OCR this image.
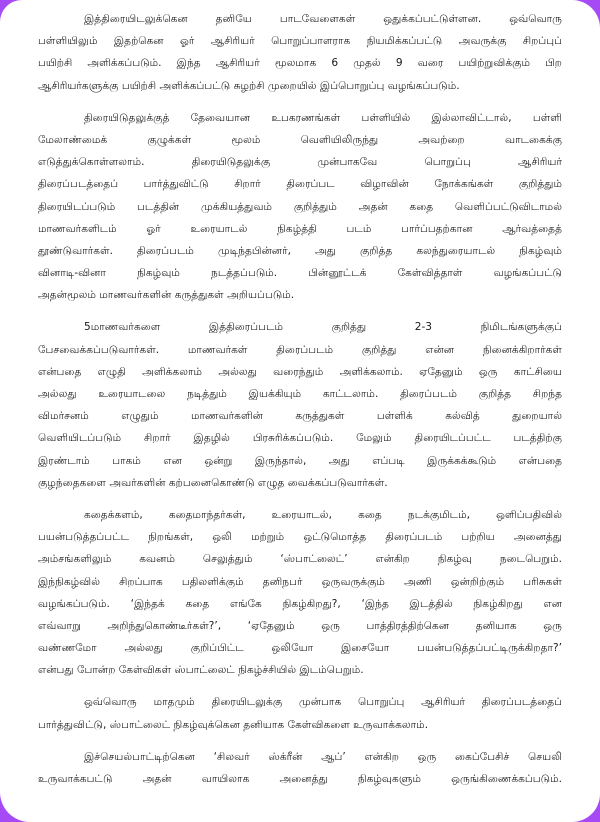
இத்திரையிடலுக்கென தனியே பாடவேளைகள் ஒதுக்கப்பட்டுள்ளன. ஒவ்வொரு
பள்ளியிலும் இதற்கென ஓர் ஆசிரியர் பொறுப்பாளராக நியமிக்கப்பட்டு அவருக்கு சிறப்புப்
பயிற்சி அளிக்கப்படும். இந்த ஆசிரியர் மூலமாக 6 முதல் 9 வரை பயிற்றுவிக்கும் பிற
ஆசிரியர்களுக்கு பயிற்சி அளிக்கப்பட்டு சுழற்சி முறையில் இப்பொறுப்பு வழங்கப்படும்.

திரையிடுதலுக்குத் தேவையான உபகரணங்கள் பள்ளியில் இல்லாவிட்டால், பள்ளி
மேலாண்மைக் குழுக்கள் மூலம் வெளியிலிருந்து அவற்றை வாடகைக்கு
எடுத்துக்கொள்ளலாம். திரையிடுதலுக்கு முன்பாகவே பொறுப்பு ஆசிரியர்
திரைப்படத்தைப் பார்த்துவிட்டு சிறார் திரைப்பட விழாவின் நோக்கங்கள் குறித்தும்
திரையிடப்படும் படத்தின் முக்கியத்துவம் குறித்தும் அதன் கதை வெளிப்பட்டுவிடாமல்
மாணவர்களிடம் ஓர் உரையாடல் நிகழ்த்தி படம் பார்ப்பதற்கான ஆர்வத்தைத்
தூண்டுவார்கள். திரைப்படம் முடிந்தபின்னர், அது குறித்த கலந்துரையாடல் நிகழ்வும்
வினாடி-வினா நிகழ்வும் நடத்தப்படும். பின்னூட்டக் கேள்வித்தாள் வழங்கப்பட்டு
அதன்மூலம் மாணவர்களின் கருத்துகள் அறியப்படும்.

5மாணவர்களை இத்திரைப்படம் குறித்து 2-3 நிமிடங்களுக்குப்
பேசவைக்கப்படுவார்கள். மாணவர்கள் திரைப்படம் குறித்து என்ன நினைக்கிறார்கள்
என்பதை எழுதி அளிக்கலாம் அல்லது வரைந்தும் அளிக்கலாம். ஏதேனும் ஒரு காட்சியை
அல்லது உரையாடலை நடித்தும் இயக்கியும் காட்டலாம். திரைப்படம் குறித்த சிறந்த
விமர்சனம் எழுதும் மாணவர்களின் கருத்துகள் பள்ளிக் கல்வித் துறையால்
வெளியிடப்படும் சிறார் இதழில் பிரசுரிக்கப்படும். மேலும் திரையிடப்பட்ட படத்திற்கு
இரண்டாம் பாகம் என ஒன்று இருந்தால், அது எப்படி இருக்கக்கூடும் என்பதை
குழந்தைகளை அவர்களின் கற்பனைகொண்டு எழுத வைக்கப்படுவார்கள்.

கதைக்களம், கதைமாந்தர்கள், உரையாடல், கதை நடக்குமிடம், ஒளிப்பதிவில்
பயன்படுத்தப்பட்ட நிறங்கள், ஒலி மற்றும் ஒட்டுமொத்த திரைப்படம் பற்றிய அனைத்து
அம்சங்களிலும் கவனம் செலுத்தும் ‘ஸ்பாட்லைட்’ என்கிற நிகழ்வு நடைபெறும்.
இந்நிகழ்வில் சிறப்பாக பதிலளிக்கும் தனிநபர் ஒருவருக்கும் அணி ஒன்றிற்கும் பரிசுகள்
வழங்கப்படும். ‘இந்தக் கதை எங்கே நிகழ்கிறது?, ‘இந்த இடத்தில் நிகழ்கிறது என
எவ்வாறு அறிந்துகொண்டீர்கள்?’, ‘ஏதேனும் ஒரு பாத்திரத்திற்கென தனியாக ஒரு
வண்ணமோ அல்லது குறிப்பிட்ட ஒலியோ இசையோ பயன்படுத்தப்பட்டிருக்கிறதா?’
என்பது போன்ற கேள்விகள் ஸ்பாட்லைட் நிகழ்ச்சியில் இடம்பெறும்.

ஒவ்வொரு மாதமும் திரையிடலுக்கு முன்பாக பொறுப்பு ஆசிரியர் திரைப்படத்தைப்
பார்த்துவிட்டு, ஸ்பாட்லைட் நிகழ்வுக்கென தனியாக கேள்விகளை உருவாக்கலாம்.

இச்செயல்பாட்டிற்கென ‘சிலவர் ஸ்க்ரீன் ஆப்’ என்கிற ஒரு கைப்பேசிச் செயலி
உருவாக்கபட்டு அதன் வாயிலாக அனைத்து நிகழ்வுகளும் ஒருங்கிணைக்கப்படும்.
